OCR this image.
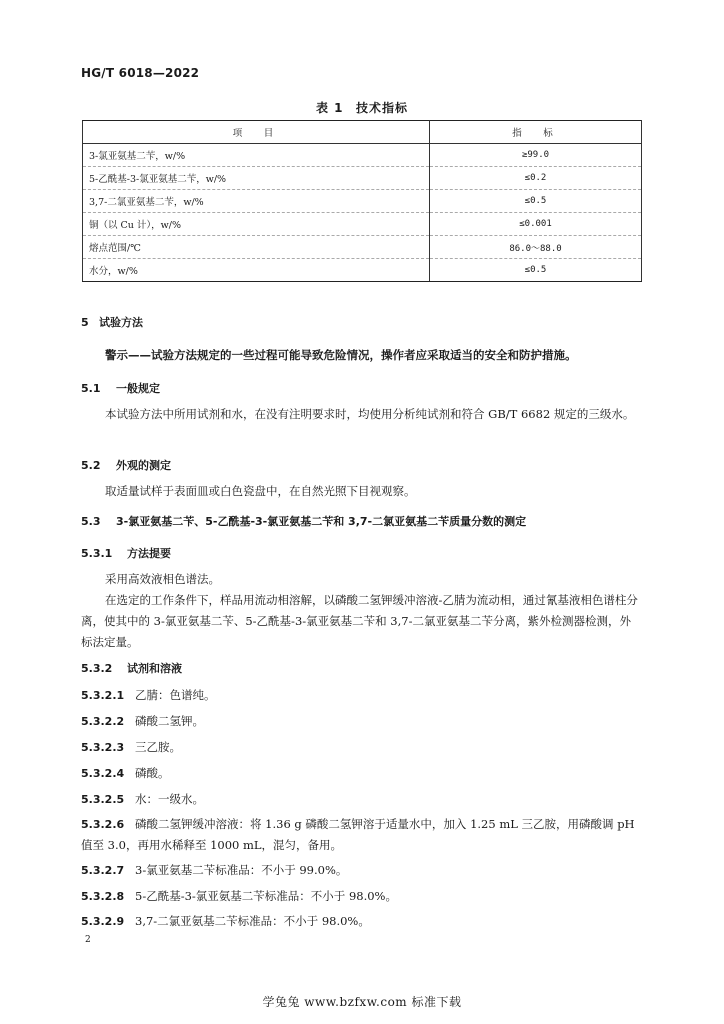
HG/T 6018—2022
表 1 技术指标
项　目	指　标
3-氯亚氨基二苄，w/%	≥99.0
5-乙酰基-3-氯亚氨基二苄，w/%	≤0.2
3,7-二氯亚氨基二苄，w/%	≤0.5
铜（以 Cu 计），w/%	≤0.001
熔点范围/℃	86.0～88.0
水分，w/%	≤0.5
5 试验方法
警示——试验方法规定的一些过程可能导致危险情况，操作者应采取适当的安全和防护措施。
5.1 一般规定
本试验方法中所用试剂和水，在没有注明要求时，均使用分析纯试剂和符合 GB/T 6682 规定的三级水。
5.2 外观的测定
取适量试样于表面皿或白色瓷盘中，在自然光照下目视观察。
5.3 3-氯亚氨基二苄、5-乙酰基-3-氯亚氨基二苄和 3,7-二氯亚氨基二苄质量分数的测定
5.3.1 方法提要
采用高效液相色谱法。
在选定的工作条件下，样品用流动相溶解，以磷酸二氢钾缓冲溶液-乙腈为流动相，通过氰基液相色谱柱分离，使其中的 3-氯亚氨基二苄、5-乙酰基-3-氯亚氨基二苄和 3,7-二氯亚氨基二苄分离，紫外检测器检测，外标法定量。
5.3.2 试剂和溶液
5.3.2.1 乙腈：色谱纯。
5.3.2.2 磷酸二氢钾。
5.3.2.3 三乙胺。
5.3.2.4 磷酸。
5.3.2.5 水：一级水。
5.3.2.6 磷酸二氢钾缓冲溶液：将 1.36 g 磷酸二氢钾溶于适量水中，加入 1.25 mL 三乙胺，用磷酸调 pH 值至 3.0，再用水稀释至 1000 mL，混匀，备用。
5.3.2.7 3-氯亚氨基二苄标准品：不小于 99.0%。
5.3.2.8 5-乙酰基-3-氯亚氨基二苄标准品：不小于 98.0%。
5.3.2.9 3,7-二氯亚氨基二苄标准品：不小于 98.0%。
2
学兔兔 www.bzfxw.com 标准下载
